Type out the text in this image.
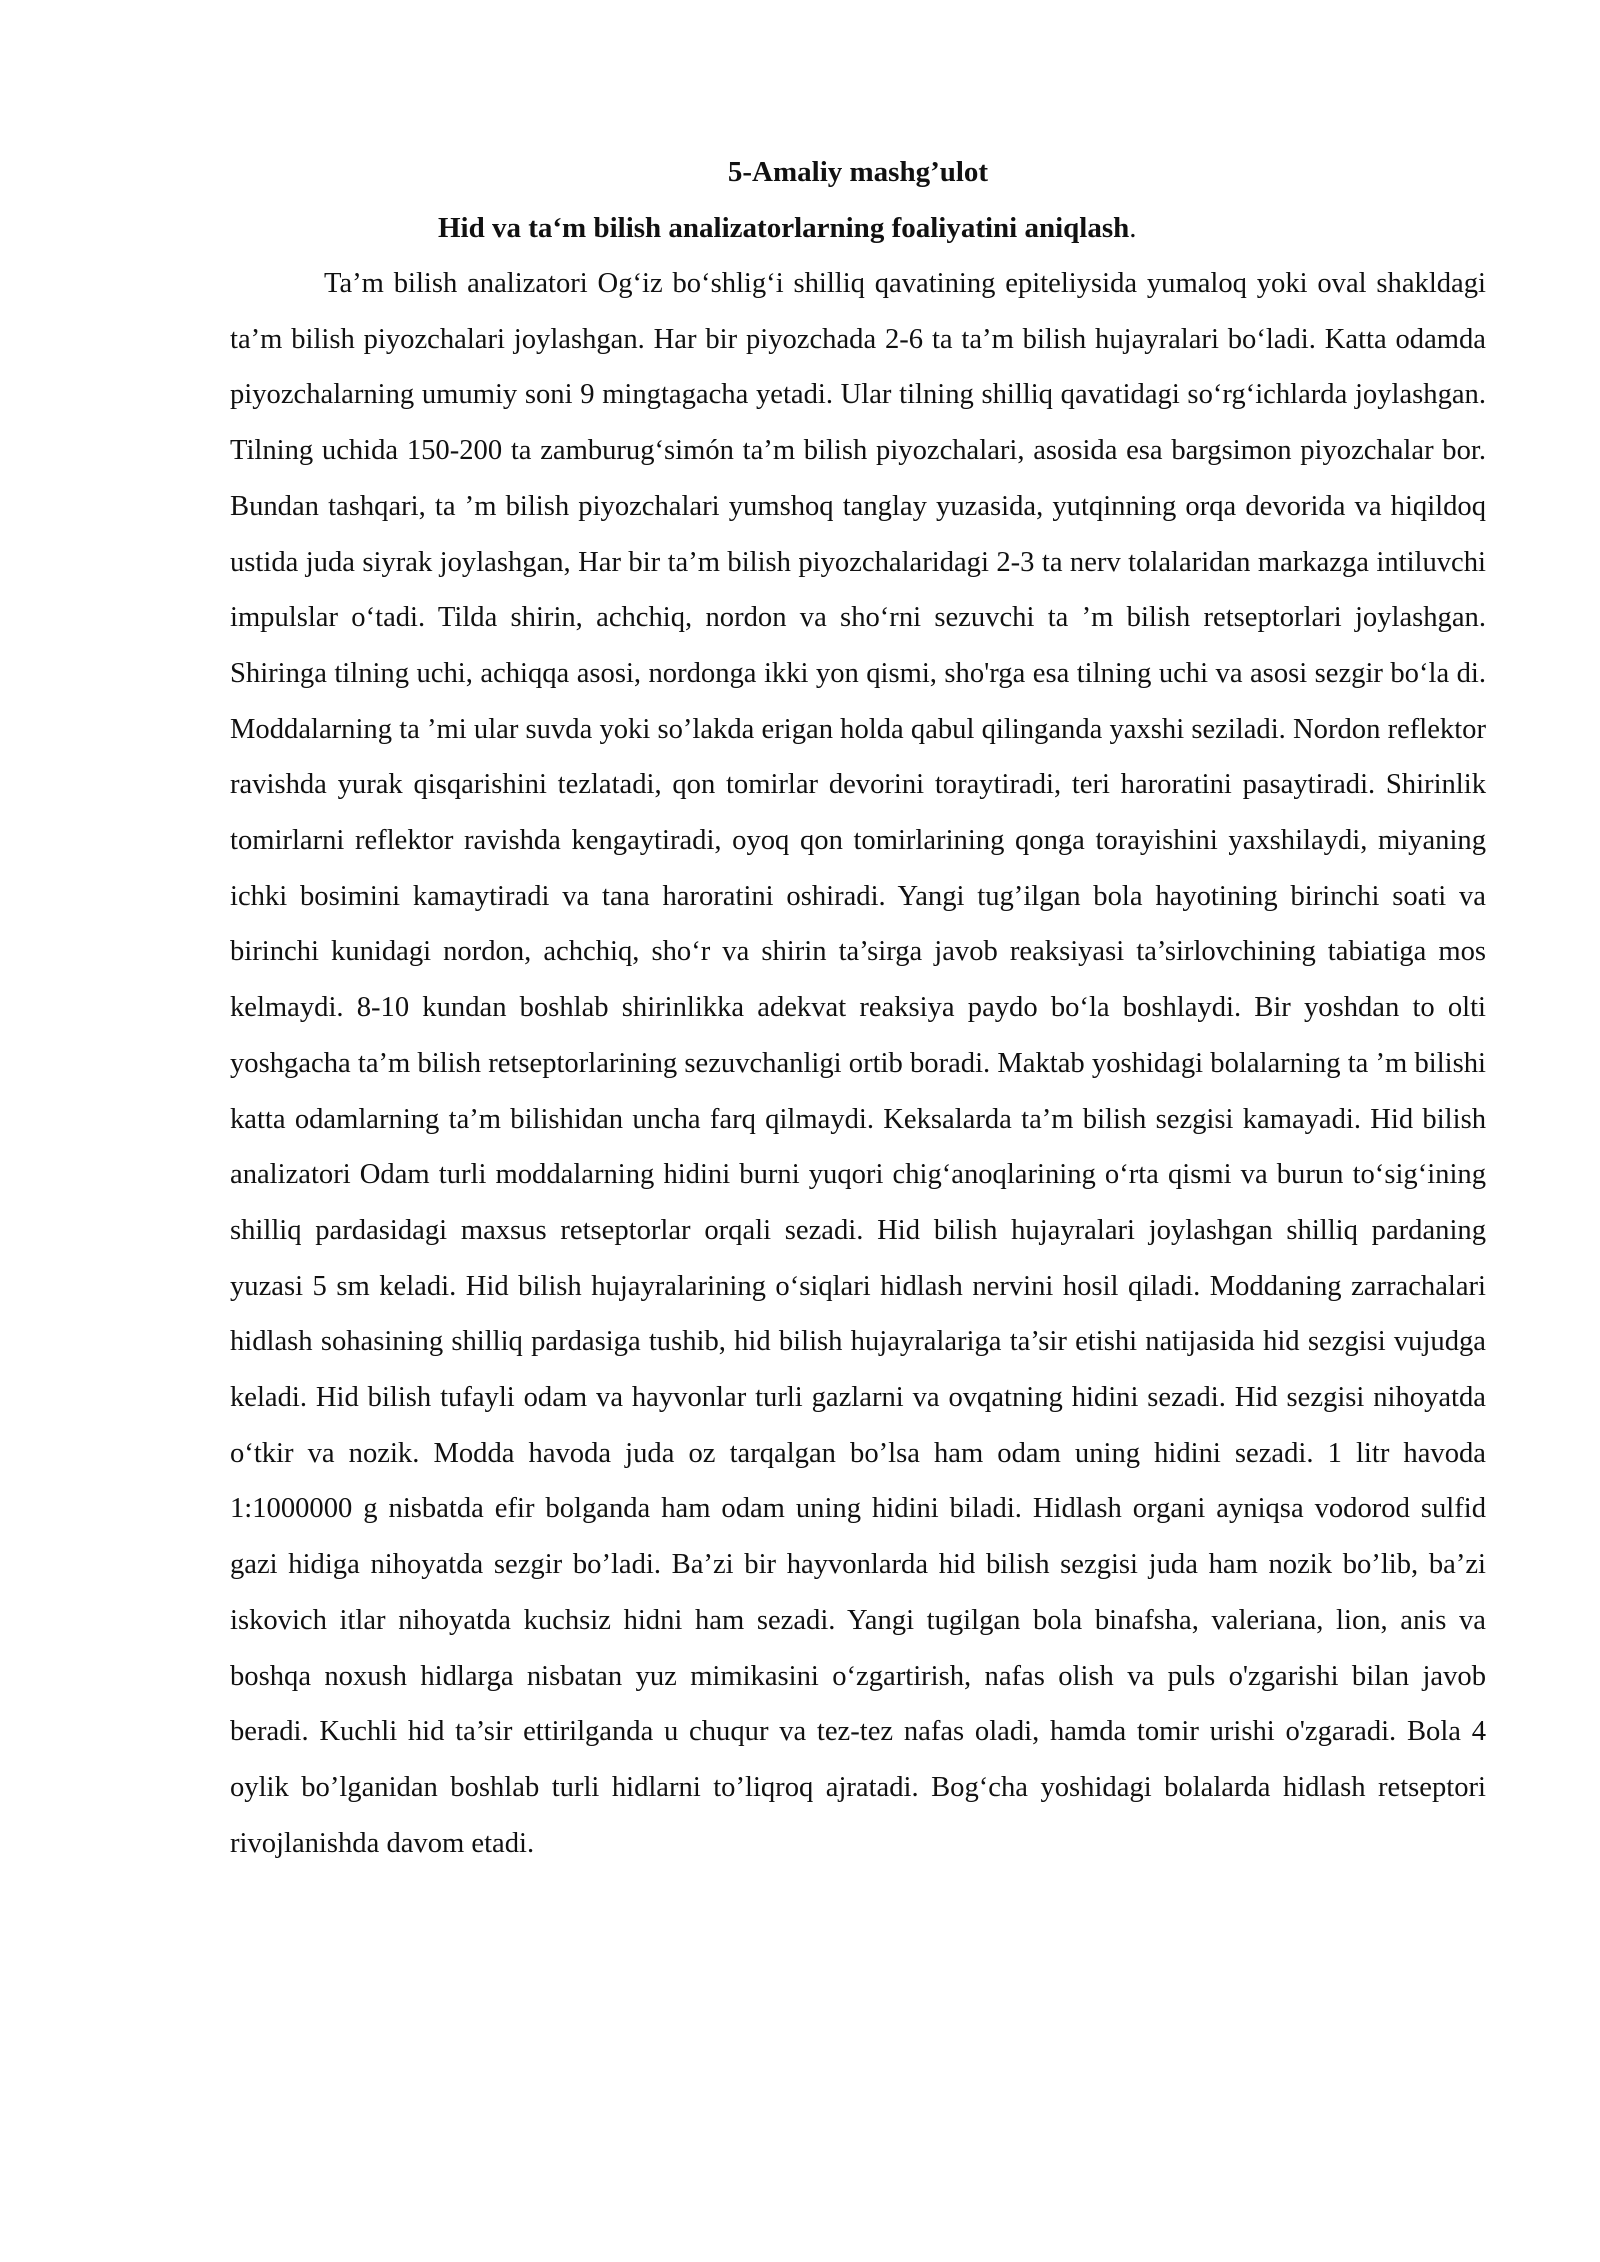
5-Amaliy mashg’ulot

Hid va ta‘m bilish analizatorlarning foaliyatini aniqlash.

Ta’m bilish analizatori Og‘iz bo‘shlig‘i shilliq qavatining epiteliysida yumaloq yoki oval shakldagi ta’m bilish piyozchalari joylashgan. Har bir piyozchada 2-6 ta ta’m bilish hujayralari bo‘ladi. Katta odamda piyozchalarning umumiy soni 9 mingtagacha yetadi. Ular tilning shilliq qavatidagi so‘rg‘ichlarda joylashgan. Tilning uchida 150-200 ta zamburug‘simón ta’m bilish piyozchalari, asosida esa bargsimon piyozchalar bor. Bundan tashqari, ta ’m bilish piyozchalari yumshoq tanglay yuzasida, yutqinning orqa devorida va hiqildoq ustida juda siyrak joylashgan, Har bir ta’m bilish piyozchalaridagi 2-3 ta nerv tolalaridan markazga intiluvchi impulslar o‘tadi. Tilda shirin, achchiq, nordon va sho‘rni sezuvchi ta ’m bilish retseptorlari joylashgan. Shiringa tilning uchi, achiqqa asosi, nordonga ikki yon qismi, sho'rga esa tilning uchi va asosi sezgir bo‘la di. Moddalarning ta ’mi ular suvda yoki so’lakda erigan holda qabul qilinganda yaxshi seziladi. Nordon reflektor ravishda yurak qisqarishini tezlatadi, qon tomirlar devorini toraytiradi, teri haroratini pasaytiradi. Shirinlik tomirlarni reflektor ravishda kengaytiradi, oyoq qon tomirlarining qonga torayishini yaxshilaydi, miyaning ichki bosimini kamaytiradi va tana haroratini oshiradi. Yangi tug’ilgan bola hayotining birinchi soati va birinchi kunidagi nordon, achchiq, sho‘r va shirin ta’sirga javob reaksiyasi ta’sirlovchining tabiatiga mos kelmaydi. 8-10 kundan boshlab shirinlikka adekvat reaksiya paydo bo‘la boshlaydi. Bir yoshdan to olti yoshgacha ta’m bilish retseptorlarining sezuvchanligi ortib boradi. Maktab yoshidagi bolalarning ta ’m bilishi katta odamlarning ta’m bilishidan uncha farq qilmaydi. Keksalarda ta’m bilish sezgisi kamayadi. Hid bilish analizatori Odam turli moddalarning hidini burni yuqori chig‘anoqlarining o‘rta qismi va burun to‘sig‘ining shilliq pardasidagi maxsus retseptorlar orqali sezadi. Hid bilish hujayralari joylashgan shilliq pardaning yuzasi 5 sm keladi. Hid bilish hujayralarining o‘siqlari hidlash nervini hosil qiladi. Moddaning zarrachalari hidlash sohasining shilliq pardasiga tushib, hid bilish hujayralariga ta’sir etishi natijasida hid sezgisi vujudga keladi. Hid bilish tufayli odam va hayvonlar turli gazlarni va ovqatning hidini sezadi. Hid sezgisi nihoyatda o‘tkir va nozik. Modda havoda juda oz tarqalgan bo’lsa ham odam uning hidini sezadi. 1 litr havoda 1:1000000 g nisbatda efir bolganda ham odam uning hidini biladi. Hidlash organi ayniqsa vodorod sulfid gazi hidiga nihoyatda sezgir bo’ladi. Ba’zi bir hayvonlarda hid bilish sezgisi juda ham nozik bo’lib, ba’zi iskovich itlar nihoyatda kuchsiz hidni ham sezadi. Yangi tugilgan bola binafsha, valeriana, lion, anis va boshqa noxush hidlarga nisbatan yuz mimikasini o‘zgartirish, nafas olish va puls o'zgarishi bilan javob beradi. Kuchli hid ta’sir ettirilganda u chuqur va tez-tez nafas oladi, hamda tomir urishi o'zgaradi. Bola 4 oylik bo’lganidan boshlab turli hidlarni to’liqroq ajratadi. Bog‘cha yoshidagi bolalarda hidlash retseptori rivojlanishda davom etadi.
